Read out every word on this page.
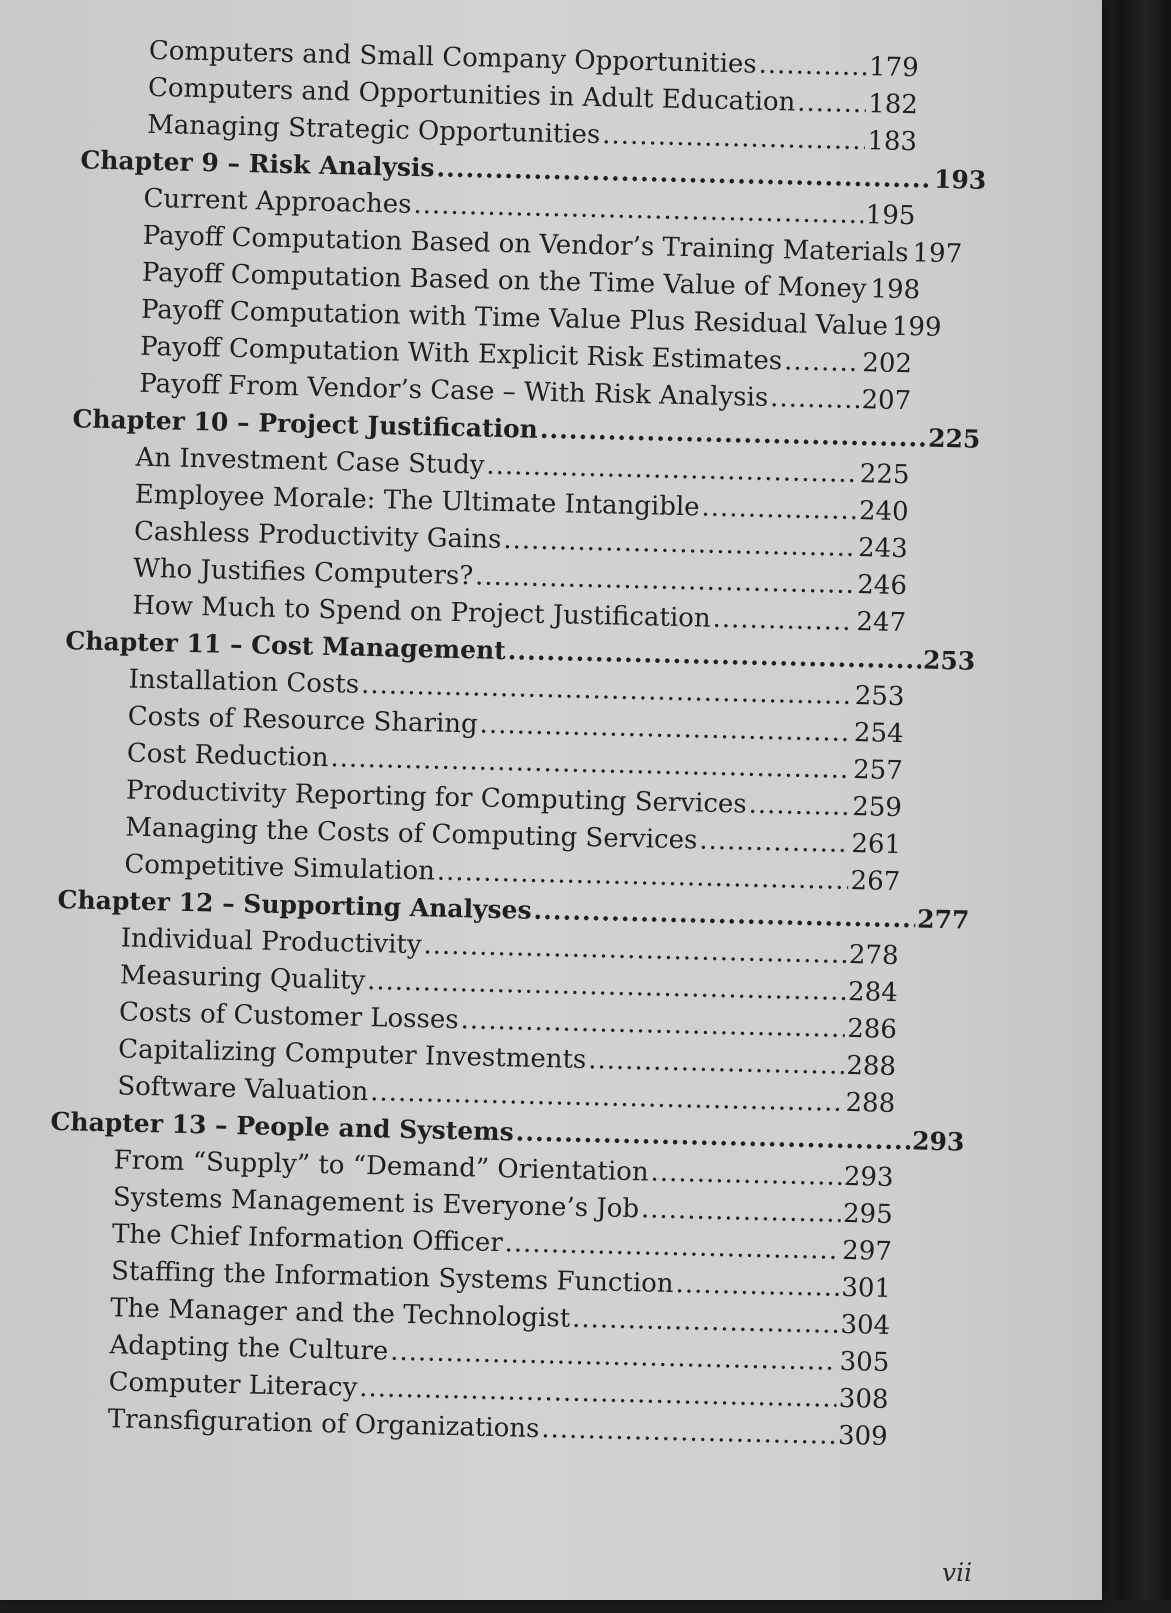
Computers and Small Company Opportunities .....	179
Computers and Opportunities in Adult Education .....	182
Managing Strategic Opportunities .....	183
Chapter 9 – Risk Analysis .....	193
Current Approaches .....	195
Payoff Computation Based on Vendor’s Training Materials ..... 197
Payoff Computation Based on the Time Value of Money ..... 198
Payoff Computation with Time Value Plus Residual Value ..... 199
Payoff Computation With Explicit Risk Estimates .....	202
Payoff From Vendor’s Case – With Risk Analysis .....	207
Chapter 10 – Project Justification .....	225
An Investment Case Study .....	225
Employee Morale: The Ultimate Intangible .....	240
Cashless Productivity Gains .....	243
Who Justifies Computers? .....	246
How Much to Spend on Project Justification .....	247
Chapter 11 – Cost Management .....	253
Installation Costs .....	253
Costs of Resource Sharing .....	254
Cost Reduction .....	257
Productivity Reporting for Computing Services .....	259
Managing the Costs of Computing Services .....	261
Competitive Simulation .....	267
Chapter 12 – Supporting Analyses .....	277
Individual Productivity .....	278
Measuring Quality .....	284
Costs of Customer Losses .....	286
Capitalizing Computer Investments .....	288
Software Valuation .....	288
Chapter 13 – People and Systems .....	293
From “Supply” to “Demand” Orientation .....	293
Systems Management is Everyone’s Job .....	295
The Chief Information Officer .....	297
Staffing the Information Systems Function .....	301
The Manager and the Technologist .....	304
Adapting the Culture .....	305
Computer Literacy .....	308
Transfiguration of Organizations .....	309
vii
